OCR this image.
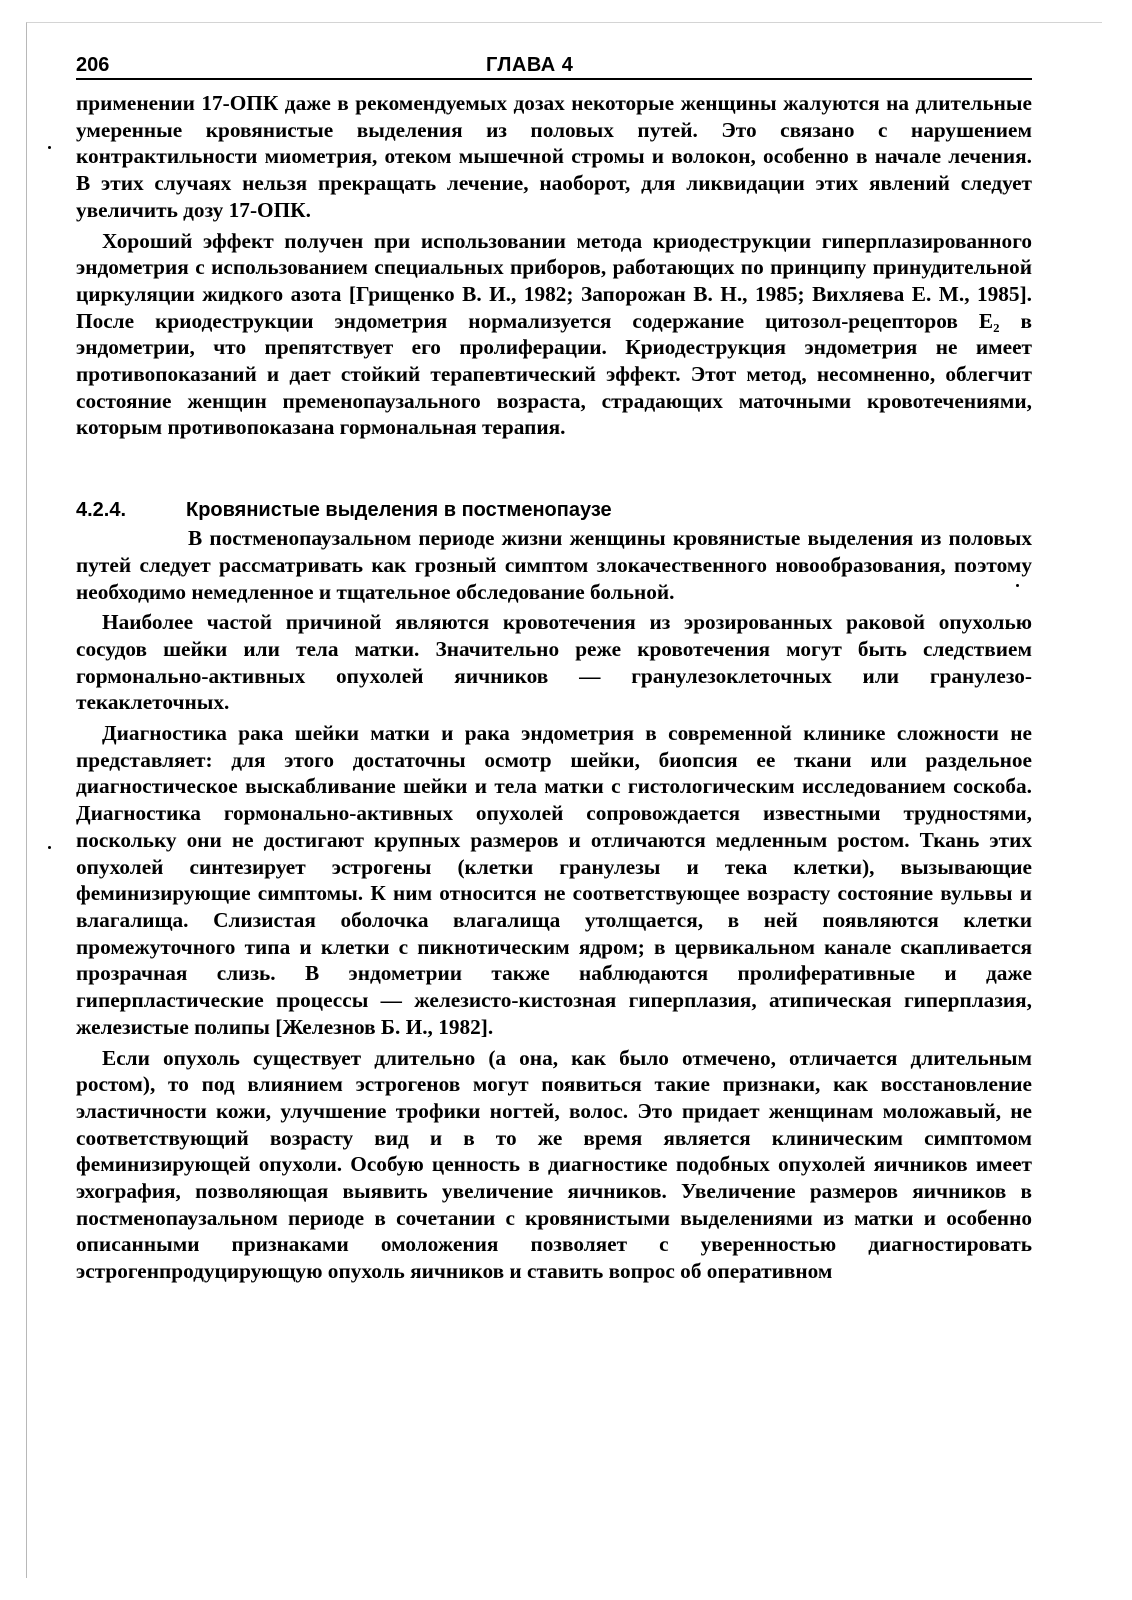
206	ГЛАВА 4

применении 17-ОПК даже в рекомендуемых дозах некоторые женщины жалуются на длительные умеренные кровянистые выделения из половых путей. Это связано с нарушением контрактильности миометрия, отеком мышечной стромы и волокон, особенно в начале лечения. В этих случаях нельзя прекращать лечение, наоборот, для ликвидации этих явлений следует увеличить дозу 17-ОПК.

Хороший эффект получен при использовании метода криодеструкции гиперплазированного эндометрия с использованием специальных приборов, работающих по принципу принудительной циркуляции жидкого азота [Грищенко В. И., 1982; Запорожан В. Н., 1985; Вихляева Е. М., 1985]. После криодеструкции эндометрия нормализуется содержание цитозол-рецепторов E₂ в эндометрии, что препятствует его пролиферации. Криодеструкция эндометрия не имеет противопоказаний и дает стойкий терапевтический эффект. Этот метод, несомненно, облегчит состояние женщин пременопаузального возраста, страдающих маточными кровотечениями, которым противопоказана гормональная терапия.

4.2.4.	Кровянистые выделения в постменопаузе

В постменопаузальном периоде жизни женщины кровянистые выделения из половых путей следует рассматривать как грозный симптом злокачественного новообразования, поэтому необходимо немедленное и тщательное обследование больной.

Наиболее частой причиной являются кровотечения из эрозированных раковой опухолью сосудов шейки или тела матки. Значительно реже кровотечения могут быть следствием гормонально-активных опухолей яичников — гранулезоклеточных или гранулезо-текаклеточных.

Диагностика рака шейки матки и рака эндометрия в современной клинике сложности не представляет: для этого достаточны осмотр шейки, биопсия ее ткани или раздельное диагностическое выскабливание шейки и тела матки с гистологическим исследованием соскоба. Диагностика гормонально-активных опухолей сопровождается известными трудностями, поскольку они не достигают крупных размеров и отличаются медленным ростом. Ткань этих опухолей синтезирует эстрогены (клетки гранулезы и тека клетки), вызывающие феминизирующие симптомы. К ним относится не соответствующее возрасту состояние вульвы и влагалища. Слизистая оболочка влагалища утолщается, в ней появляются клетки промежуточного типа и клетки с пикнотическим ядром; в цервикальном канале скапливается прозрачная слизь. В эндометрии также наблюдаются пролиферативные и даже гиперпластические процессы — железисто-кистозная гиперплазия, атипическая гиперплазия, железистые полипы [Железнов Б. И., 1982].

Если опухоль существует длительно (а она, как было отмечено, отличается длительным ростом), то под влиянием эстрогенов могут появиться такие признаки, как восстановление эластичности кожи, улучшение трофики ногтей, волос. Это придает женщинам моложавый, не соответствующий возрасту вид и в то же время является клиническим симптомом феминизирующей опухоли. Особую ценность в диагностике подобных опухолей яичников имеет эхография, позволяющая выявить увеличение яичников. Увеличение размеров яичников в постменопаузальном периоде в сочетании с кровянистыми выделениями из матки и особенно описанными признаками омоложения позволяет с уверенностью диагностировать эстрогенпродуцирующую опухоль яичников и ставить вопрос об оперативном
